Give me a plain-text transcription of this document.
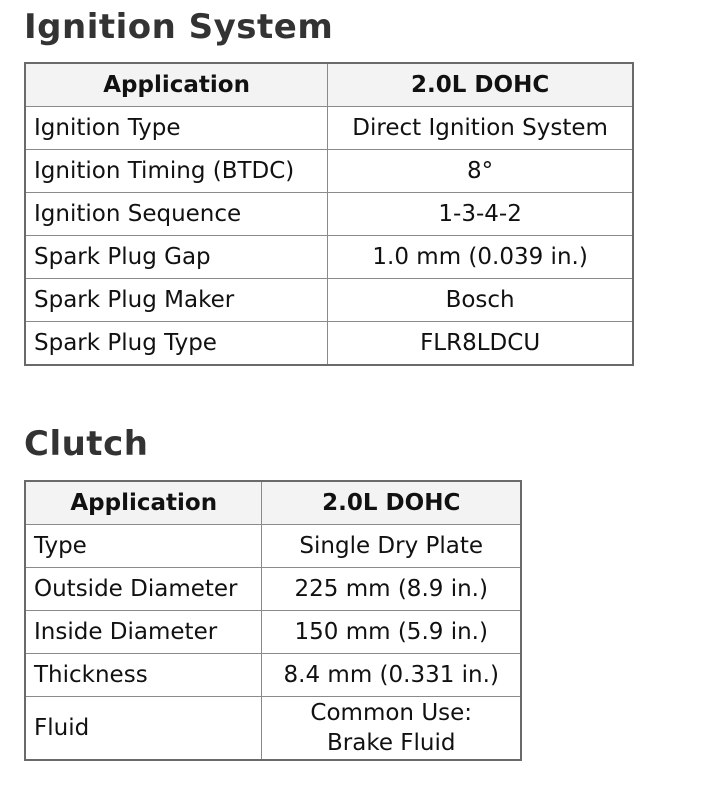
Ignition System
Application	2.0L DOHC
Ignition Type	Direct Ignition System
Ignition Timing (BTDC)	8°
Ignition Sequence	1-3-4-2
Spark Plug Gap	1.0 mm (0.039 in.)
Spark Plug Maker	Bosch
Spark Plug Type	FLR8LDCU
Clutch
Application	2.0L DOHC
Type	Single Dry Plate
Outside Diameter	225 mm (8.9 in.)
Inside Diameter	150 mm (5.9 in.)
Thickness	8.4 mm (0.331 in.)
Fluid	Common Use:
Brake Fluid
